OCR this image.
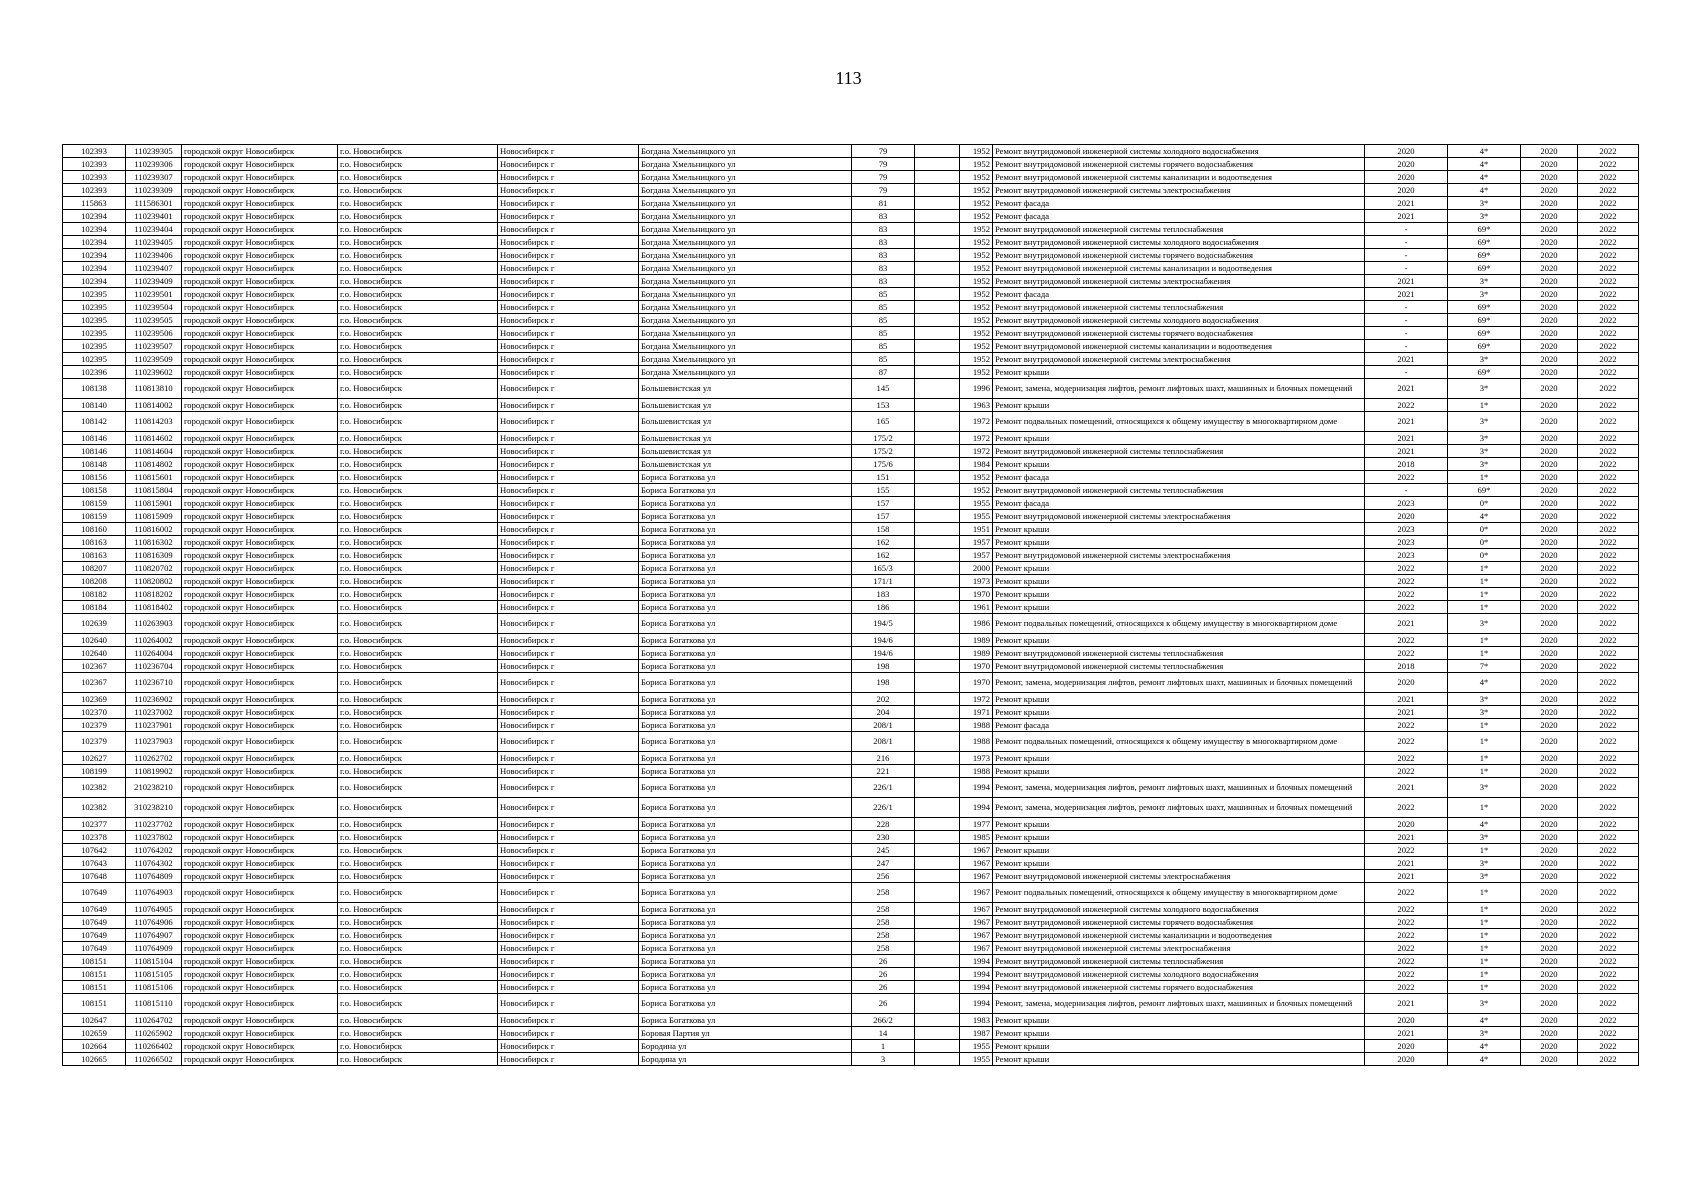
113
102393	110239305	городской округ Новосибирск	г.о. Новосибирск	Новосибирск г	Богдана Хмельницкого ул	79		1952	Ремонт внутридомовой инженерной системы холодного водоснабжения	2020	4*	2020	2022
102393	110239306	городской округ Новосибирск	г.о. Новосибирск	Новосибирск г	Богдана Хмельницкого ул	79		1952	Ремонт внутридомовой инженерной системы горячего водоснабжения	2020	4*	2020	2022
102393	110239307	городской округ Новосибирск	г.о. Новосибирск	Новосибирск г	Богдана Хмельницкого ул	79		1952	Ремонт внутридомовой инженерной системы канализации и водоотведения	2020	4*	2020	2022
102393	110239309	городской округ Новосибирск	г.о. Новосибирск	Новосибирск г	Богдана Хмельницкого ул	79		1952	Ремонт внутридомовой инженерной системы электроснабжения	2020	4*	2020	2022
115863	111586301	городской округ Новосибирск	г.о. Новосибирск	Новосибирск г	Богдана Хмельницкого ул	81		1952	Ремонт фасада	2021	3*	2020	2022
102394	110239401	городской округ Новосибирск	г.о. Новосибирск	Новосибирск г	Богдана Хмельницкого ул	83		1952	Ремонт фасада	2021	3*	2020	2022
102394	110239404	городской округ Новосибирск	г.о. Новосибирск	Новосибирск г	Богдана Хмельницкого ул	83		1952	Ремонт внутридомовой инженерной системы теплоснабжения	-	69*	2020	2022
102394	110239405	городской округ Новосибирск	г.о. Новосибирск	Новосибирск г	Богдана Хмельницкого ул	83		1952	Ремонт внутридомовой инженерной системы холодного водоснабжения	-	69*	2020	2022
102394	110239406	городской округ Новосибирск	г.о. Новосибирск	Новосибирск г	Богдана Хмельницкого ул	83		1952	Ремонт внутридомовой инженерной системы горячего водоснабжения	-	69*	2020	2022
102394	110239407	городской округ Новосибирск	г.о. Новосибирск	Новосибирск г	Богдана Хмельницкого ул	83		1952	Ремонт внутридомовой инженерной системы канализации и водоотведения	-	69*	2020	2022
102394	110239409	городской округ Новосибирск	г.о. Новосибирск	Новосибирск г	Богдана Хмельницкого ул	83		1952	Ремонт внутридомовой инженерной системы электроснабжения	2021	3*	2020	2022
102395	110239501	городской округ Новосибирск	г.о. Новосибирск	Новосибирск г	Богдана Хмельницкого ул	85		1952	Ремонт фасада	2021	3*	2020	2022
102395	110239504	городской округ Новосибирск	г.о. Новосибирск	Новосибирск г	Богдана Хмельницкого ул	85		1952	Ремонт внутридомовой инженерной системы теплоснабжения	-	69*	2020	2022
102395	110239505	городской округ Новосибирск	г.о. Новосибирск	Новосибирск г	Богдана Хмельницкого ул	85		1952	Ремонт внутридомовой инженерной системы холодного водоснабжения	-	69*	2020	2022
102395	110239506	городской округ Новосибирск	г.о. Новосибирск	Новосибирск г	Богдана Хмельницкого ул	85		1952	Ремонт внутридомовой инженерной системы горячего водоснабжения	-	69*	2020	2022
102395	110239507	городской округ Новосибирск	г.о. Новосибирск	Новосибирск г	Богдана Хмельницкого ул	85		1952	Ремонт внутридомовой инженерной системы канализации и водоотведения	-	69*	2020	2022
102395	110239509	городской округ Новосибирск	г.о. Новосибирск	Новосибирск г	Богдана Хмельницкого ул	85		1952	Ремонт внутридомовой инженерной системы электроснабжения	2021	3*	2020	2022
102396	110239602	городской округ Новосибирск	г.о. Новосибирск	Новосибирск г	Богдана Хмельницкого ул	87		1952	Ремонт крыши	-	69*	2020	2022
108138	110813810	городской округ Новосибирск	г.о. Новосибирск	Новосибирск г	Большевистская ул	145		1996	Ремонт, замена, модернизация лифтов, ремонт лифтовых шахт, машинных и блочных помещений	2021	3*	2020	2022
108140	110814002	городской округ Новосибирск	г.о. Новосибирск	Новосибирск г	Большевистская ул	153		1963	Ремонт крыши	2022	1*	2020	2022
108142	110814203	городской округ Новосибирск	г.о. Новосибирск	Новосибирск г	Большевистская ул	165		1972	Ремонт подвальных помещений, относящихся к общему имуществу в многоквартирном доме	2021	3*	2020	2022
108146	110814602	городской округ Новосибирск	г.о. Новосибирск	Новосибирск г	Большевистская ул	175/2		1972	Ремонт крыши	2021	3*	2020	2022
108146	110814604	городской округ Новосибирск	г.о. Новосибирск	Новосибирск г	Большевистская ул	175/2		1972	Ремонт внутридомовой инженерной системы теплоснабжения	2021	3*	2020	2022
108148	110814802	городской округ Новосибирск	г.о. Новосибирск	Новосибирск г	Большевистская ул	175/6		1984	Ремонт крыши	2018	3*	2020	2022
108156	110815601	городской округ Новосибирск	г.о. Новосибирск	Новосибирск г	Бориса Богаткова ул	151		1952	Ремонт фасада	2022	1*	2020	2022
108158	110815804	городской округ Новосибирск	г.о. Новосибирск	Новосибирск г	Бориса Богаткова ул	155		1952	Ремонт внутридомовой инженерной системы теплоснабжения	-	69*	2020	2022
108159	110815901	городской округ Новосибирск	г.о. Новосибирск	Новосибирск г	Бориса Богаткова ул	157		1955	Ремонт фасада	2023	0*	2020	2022
108159	110815909	городской округ Новосибирск	г.о. Новосибирск	Новосибирск г	Бориса Богаткова ул	157		1955	Ремонт внутридомовой инженерной системы электроснабжения	2020	4*	2020	2022
108160	110816002	городской округ Новосибирск	г.о. Новосибирск	Новосибирск г	Бориса Богаткова ул	158		1951	Ремонт крыши	2023	0*	2020	2022
108163	110816302	городской округ Новосибирск	г.о. Новосибирск	Новосибирск г	Бориса Богаткова ул	162		1957	Ремонт крыши	2023	0*	2020	2022
108163	110816309	городской округ Новосибирск	г.о. Новосибирск	Новосибирск г	Бориса Богаткова ул	162		1957	Ремонт внутридомовой инженерной системы электроснабжения	2023	0*	2020	2022
108207	110820702	городской округ Новосибирск	г.о. Новосибирск	Новосибирск г	Бориса Богаткова ул	165/3		2000	Ремонт крыши	2022	1*	2020	2022
108208	110820802	городской округ Новосибирск	г.о. Новосибирск	Новосибирск г	Бориса Богаткова ул	171/1		1973	Ремонт крыши	2022	1*	2020	2022
108182	110818202	городской округ Новосибирск	г.о. Новосибирск	Новосибирск г	Бориса Богаткова ул	183		1970	Ремонт крыши	2022	1*	2020	2022
108184	110818402	городской округ Новосибирск	г.о. Новосибирск	Новосибирск г	Бориса Богаткова ул	186		1961	Ремонт крыши	2022	1*	2020	2022
102639	110263903	городской округ Новосибирск	г.о. Новосибирск	Новосибирск г	Бориса Богаткова ул	194/5		1986	Ремонт подвальных помещений, относящихся к общему имуществу в многоквартирном доме	2021	3*	2020	2022
102640	110264002	городской округ Новосибирск	г.о. Новосибирск	Новосибирск г	Бориса Богаткова ул	194/6		1989	Ремонт крыши	2022	1*	2020	2022
102640	110264004	городской округ Новосибирск	г.о. Новосибирск	Новосибирск г	Бориса Богаткова ул	194/6		1989	Ремонт внутридомовой инженерной системы теплоснабжения	2022	1*	2020	2022
102367	110236704	городской округ Новосибирск	г.о. Новосибирск	Новосибирск г	Бориса Богаткова ул	198		1970	Ремонт внутридомовой инженерной системы теплоснабжения	2018	7*	2020	2022
102367	110236710	городской округ Новосибирск	г.о. Новосибирск	Новосибирск г	Бориса Богаткова ул	198		1970	Ремонт, замена, модернизация лифтов, ремонт лифтовых шахт, машинных и блочных помещений	2020	4*	2020	2022
102369	110236902	городской округ Новосибирск	г.о. Новосибирск	Новосибирск г	Бориса Богаткова ул	202		1972	Ремонт крыши	2021	3*	2020	2022
102370	110237002	городской округ Новосибирск	г.о. Новосибирск	Новосибирск г	Бориса Богаткова ул	204		1971	Ремонт крыши	2021	3*	2020	2022
102379	110237901	городской округ Новосибирск	г.о. Новосибирск	Новосибирск г	Бориса Богаткова ул	208/1		1988	Ремонт фасада	2022	1*	2020	2022
102379	110237903	городской округ Новосибирск	г.о. Новосибирск	Новосибирск г	Бориса Богаткова ул	208/1		1988	Ремонт подвальных помещений, относящихся к общему имуществу в многоквартирном доме	2022	1*	2020	2022
102627	110262702	городской округ Новосибирск	г.о. Новосибирск	Новосибирск г	Бориса Богаткова ул	216		1973	Ремонт крыши	2022	1*	2020	2022
108199	110819902	городской округ Новосибирск	г.о. Новосибирск	Новосибирск г	Бориса Богаткова ул	221		1988	Ремонт крыши	2022	1*	2020	2022
102382	210238210	городской округ Новосибирск	г.о. Новосибирск	Новосибирск г	Бориса Богаткова ул	226/1		1994	Ремонт, замена, модернизация лифтов, ремонт лифтовых шахт, машинных и блочных помещений	2021	3*	2020	2022
102382	310238210	городской округ Новосибирск	г.о. Новосибирск	Новосибирск г	Бориса Богаткова ул	226/1		1994	Ремонт, замена, модернизация лифтов, ремонт лифтовых шахт, машинных и блочных помещений	2022	1*	2020	2022
102377	110237702	городской округ Новосибирск	г.о. Новосибирск	Новосибирск г	Бориса Богаткова ул	228		1977	Ремонт крыши	2020	4*	2020	2022
102378	110237802	городской округ Новосибирск	г.о. Новосибирск	Новосибирск г	Бориса Богаткова ул	230		1985	Ремонт крыши	2021	3*	2020	2022
107642	110764202	городской округ Новосибирск	г.о. Новосибирск	Новосибирск г	Бориса Богаткова ул	245		1967	Ремонт крыши	2022	1*	2020	2022
107643	110764302	городской округ Новосибирск	г.о. Новосибирск	Новосибирск г	Бориса Богаткова ул	247		1967	Ремонт крыши	2021	3*	2020	2022
107648	110764809	городской округ Новосибирск	г.о. Новосибирск	Новосибирск г	Бориса Богаткова ул	256		1967	Ремонт внутридомовой инженерной системы электроснабжения	2021	3*	2020	2022
107649	110764903	городской округ Новосибирск	г.о. Новосибирск	Новосибирск г	Бориса Богаткова ул	258		1967	Ремонт подвальных помещений, относящихся к общему имуществу в многоквартирном доме	2022	1*	2020	2022
107649	110764905	городской округ Новосибирск	г.о. Новосибирск	Новосибирск г	Бориса Богаткова ул	258		1967	Ремонт внутридомовой инженерной системы холодного водоснабжения	2022	1*	2020	2022
107649	110764906	городской округ Новосибирск	г.о. Новосибирск	Новосибирск г	Бориса Богаткова ул	258		1967	Ремонт внутридомовой инженерной системы горячего водоснабжения	2022	1*	2020	2022
107649	110764907	городской округ Новосибирск	г.о. Новосибирск	Новосибирск г	Бориса Богаткова ул	258		1967	Ремонт внутридомовой инженерной системы канализации и водоотведения	2022	1*	2020	2022
107649	110764909	городской округ Новосибирск	г.о. Новосибирск	Новосибирск г	Бориса Богаткова ул	258		1967	Ремонт внутридомовой инженерной системы электроснабжения	2022	1*	2020	2022
108151	110815104	городской округ Новосибирск	г.о. Новосибирск	Новосибирск г	Бориса Богаткова ул	26		1994	Ремонт внутридомовой инженерной системы теплоснабжения	2022	1*	2020	2022
108151	110815105	городской округ Новосибирск	г.о. Новосибирск	Новосибирск г	Бориса Богаткова ул	26		1994	Ремонт внутридомовой инженерной системы холодного водоснабжения	2022	1*	2020	2022
108151	110815106	городской округ Новосибирск	г.о. Новосибирск	Новосибирск г	Бориса Богаткова ул	26		1994	Ремонт внутридомовой инженерной системы горячего водоснабжения	2022	1*	2020	2022
108151	110815110	городской округ Новосибирск	г.о. Новосибирск	Новосибирск г	Бориса Богаткова ул	26		1994	Ремонт, замена, модернизация лифтов, ремонт лифтовых шахт, машинных и блочных помещений	2021	3*	2020	2022
102647	110264702	городской округ Новосибирск	г.о. Новосибирск	Новосибирск г	Бориса Богаткова ул	266/2		1983	Ремонт крыши	2020	4*	2020	2022
102659	110265902	городской округ Новосибирск	г.о. Новосибирск	Новосибирск г	Боровая Партия ул	14		1987	Ремонт крыши	2021	3*	2020	2022
102664	110266402	городской округ Новосибирск	г.о. Новосибирск	Новосибирск г	Бородина ул	1		1955	Ремонт крыши	2020	4*	2020	2022
102665	110266502	городской округ Новосибирск	г.о. Новосибирск	Новосибирск г	Бородина ул	3		1955	Ремонт крыши	2020	4*	2020	2022
